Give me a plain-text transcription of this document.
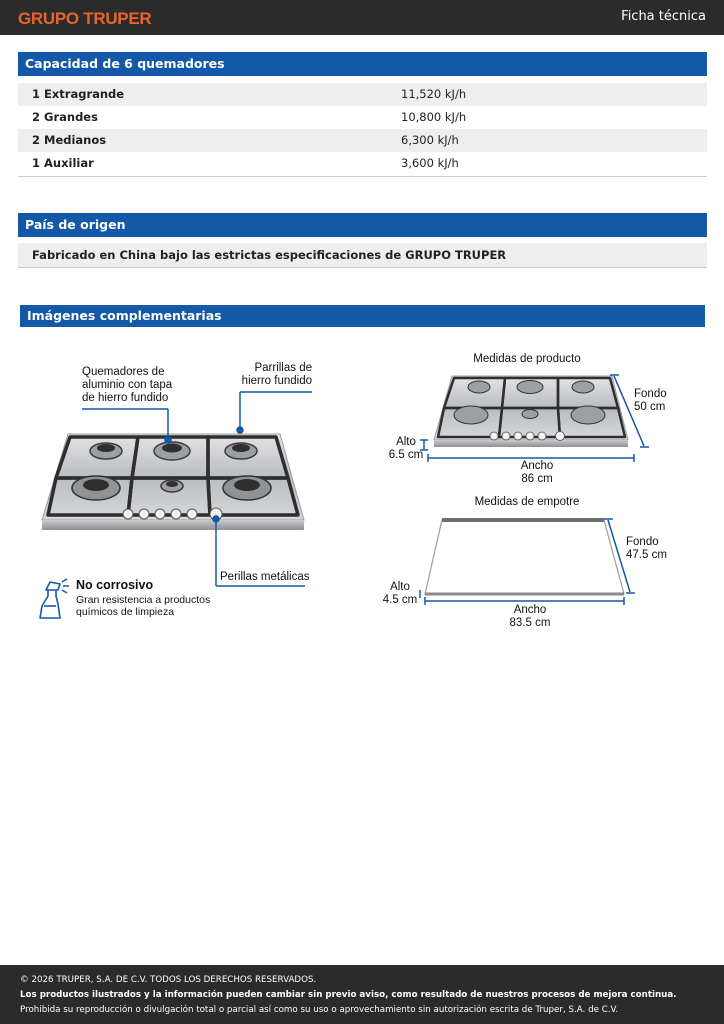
GRUPO TRUPER	Ficha técnica
Capacidad de 6 quemadores
1 Extragrande	11,520 kJ/h
2 Grandes	10,800 kJ/h
2 Medianos	6,300 kJ/h
1 Auxiliar	3,600 kJ/h
País de origen
Fabricado en China bajo las estrictas especificaciones de GRUPO TRUPER
Imágenes complementarias
Quemadores de
aluminio con tapa
de hierro fundido
Parrillas de
hierro fundido
Perillas metálicas
No corrosivo
Gran resistencia a productos
químicos de limpieza
Medidas de producto
Fondo
50 cm
Alto
6.5 cm
Ancho
86 cm
Medidas de empotre
Fondo
47.5 cm
Alto
4.5 cm
Ancho
83.5 cm
© 2026 TRUPER, S.A. DE C.V. TODOS LOS DERECHOS RESERVADOS.
Los productos ilustrados y la información pueden cambiar sin previo aviso, como resultado de nuestros procesos de mejora continua.
Prohibida su reproducción o divulgación total o parcial así como su uso o aprovechamiento sin autorización escrita de Truper, S.A. de C.V.
